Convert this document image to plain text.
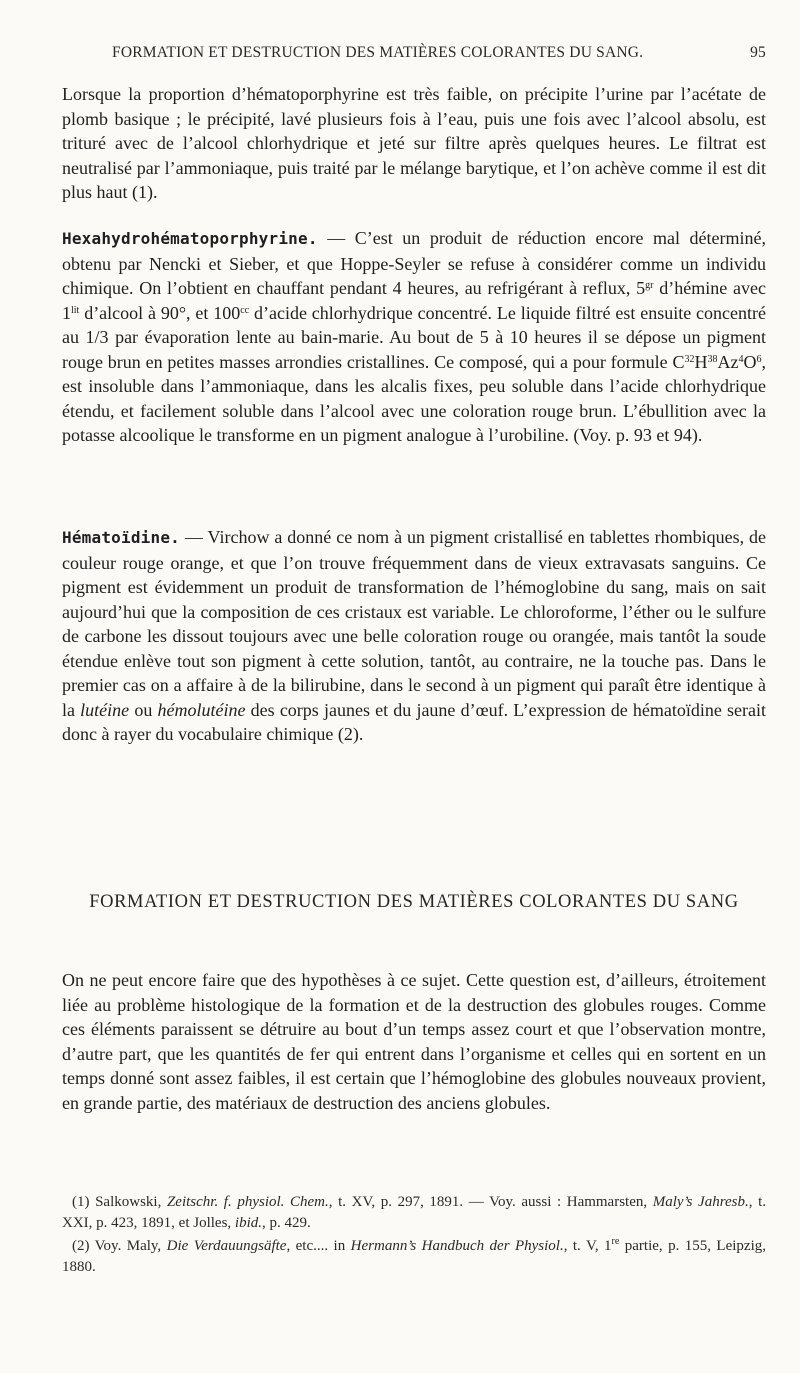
FORMATION ET DESTRUCTION DES MATIÈRES COLORANTES DU SANG.	95

Lorsque la proportion d’hématoporphyrine est très faible, on précipite l’urine par l’acétate de plomb basique ; le précipité, lavé plusieurs fois à l’eau, puis une fois avec l’alcool absolu, est trituré avec de l’alcool chlorhydrique et jeté sur filtre après quelques heures. Le filtrat est neutralisé par l’ammoniaque, puis traité par le mélange barytique, et l’on achève comme il est dit plus haut (1).

Hexahydrohématoporphyrine. — C’est un produit de réduction encore mal déterminé, obtenu par Nencki et Sieber, et que Hoppe-Seyler se refuse à considérer comme un individu chimique. On l’obtient en chauffant pendant 4 heures, au refrigérant à reflux, $5^{gr}$ d’hémine avec $1^{lit}$ d’alcool à 90°, et $100^{cc}$ d’acide chlorhydrique concentré. Le liquide filtré est ensuite concentré au 1/3 par évaporation lente au bain-marie. Au bout de 5 à 10 heures il se dépose un pigment rouge brun en petites masses arrondies cristallines. Ce composé, qui a pour formule $C^{32}H^{38}Az^4O^6$, est insoluble dans l’ammoniaque, dans les alcalis fixes, peu soluble dans l’acide chlorhydrique étendu, et facilement soluble dans l’alcool avec une coloration rouge brun. L’ébullition avec la potasse alcoolique le transforme en un pigment analogue à l’urobiline. (Voy. p. 93 et 94).

Hématoïdine. — Virchow a donné ce nom à un pigment cristallisé en tablettes rhombiques, de couleur rouge orange, et que l’on trouve fréquemment dans de vieux extravasats sanguins. Ce pigment est évidemment un produit de transformation de l’hémoglobine du sang, mais on sait aujourd’hui que la composition de ces cristaux est variable. Le chloroforme, l’éther ou le sulfure de carbone les dissout toujours avec une belle coloration rouge ou orangée, mais tantôt la soude étendue enlève tout son pigment à cette solution, tantôt, au contraire, ne la touche pas. Dans le premier cas on a affaire à de la bilirubine, dans le second à un pigment qui paraît être identique à la lutéine ou hémolutéine des corps jaunes et du jaune d’œuf. L’expression de hématoïdine serait donc à rayer du vocabulaire chimique (2).

FORMATION ET DESTRUCTION DES MATIÈRES COLORANTES DU SANG

On ne peut encore faire que des hypothèses à ce sujet. Cette question est, d’ailleurs, étroitement liée au problème histologique de la formation et de la destruction des globules rouges. Comme ces éléments paraissent se détruire au bout d’un temps assez court et que l’observation montre, d’autre part, que les quantités de fer qui entrent dans l’organisme et celles qui en sortent en un temps donné sont assez faibles, il est certain que l’hémoglobine des globules nouveaux provient, en grande partie, des matériaux de destruction des anciens globules.

(1) Salkowski, Zeitschr. f. physiol. Chem., t. XV, p. 297, 1891. — Voy. aussi : Hammarsten, Maly’s Jahresb., t. XXI, p. 423, 1891, et Jolles, ibid., p. 429.

(2) Voy. Maly, Die Verdauungsäfte, etc.... in Hermann’s Handbuch der Physiol., t. V, 1re partie, p. 155, Leipzig, 1880.
